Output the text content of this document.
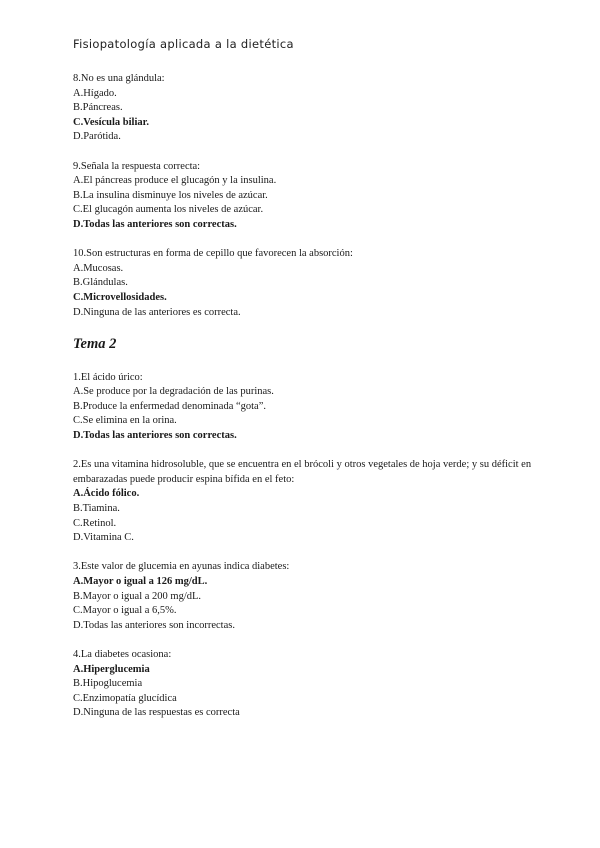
Fisiopatología aplicada a la dietética
8.No es una glándula:
A.Hígado.
B.Páncreas.
C.Vesícula biliar.
D.Parótida.
9.Señala la respuesta correcta:
A.El páncreas produce el glucagón y la insulina.
B.La insulina disminuye los niveles de azúcar.
C.El glucagón aumenta los niveles de azúcar.
D.Todas las anteriores son correctas.
10.Son estructuras en forma de cepillo que favorecen la absorción:
A.Mucosas.
B.Glándulas.
C.Microvellosidades.
D.Ninguna de las anteriores es correcta.
Tema 2
1.El ácido úrico:
A.Se produce por la degradación de las purinas.
B.Produce la enfermedad denominada “gota”.
C.Se elimina en la orina.
D.Todas las anteriores son correctas.
2.Es una vitamina hidrosoluble, que se encuentra en el brócoli y otros vegetales de hoja verde; y su déficit en embarazadas puede producir espina bífida en el feto:
A.Ácido fólico.
B.Tiamina.
C.Retinol.
D.Vitamina C.
3.Este valor de glucemia en ayunas indica diabetes:
A.Mayor o igual a 126 mg/dL.
B.Mayor o igual a 200 mg/dL.
C.Mayor o igual a 6,5%.
D.Todas las anteriores son incorrectas.
4.La diabetes ocasiona:
A.Hiperglucemia
B.Hipoglucemia
C.Enzimopatía glucídica
D.Ninguna de las respuestas es correcta
